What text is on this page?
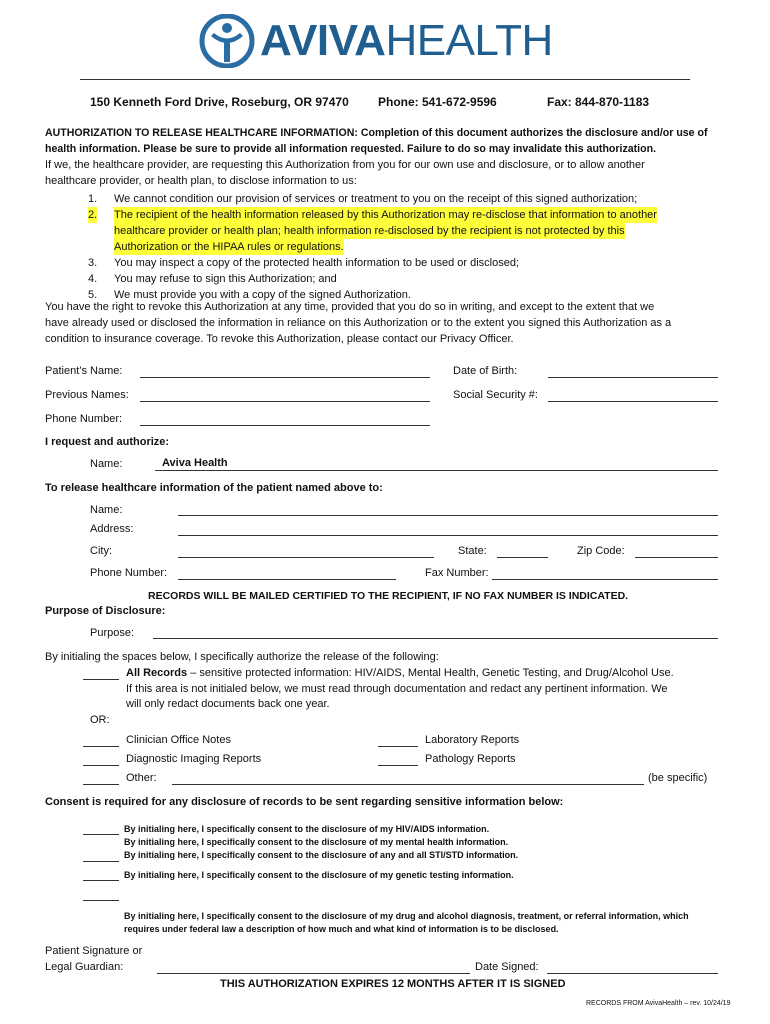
AVIVAHEALTH
150 Kenneth Ford Drive, Roseburg, OR 97470 Phone: 541-672-9596	Fax: 844-870-1183
AUTHORIZATION TO RELEASE HEALTHCARE INFORMATION: Completion of this document authorizes the disclosure and/or use of
health information. Please be sure to provide all information requested. Failure to do so may invalidate this authorization.
If we, the healthcare provider, are requesting this Authorization from you for our own use and disclosure, or to allow another
healthcare provider, or health plan, to disclose information to us:
1. We cannot condition our provision of services or treatment to you on the receipt of this signed authorization;
2. The recipient of the health information released by this Authorization may re-disclose that information to another
healthcare provider or health plan; health information re-disclosed by the recipient is not protected by this
Authorization or the HIPAA rules or regulations.
3. You may inspect a copy of the protected health information to be used or disclosed;
4. You may refuse to sign this Authorization; and
5. We must provide you with a copy of the signed Authorization.
You have the right to revoke this Authorization at any time, provided that you do so in writing, and except to the extent that we
have already used or disclosed the information in reliance on this Authorization or to the extent you signed this Authorization as a
condition to insurance coverage. To revoke this Authorization, please contact our Privacy Officer.
Patient’s Name:	Date of Birth:
Previous Names:	Social Security #:
Phone Number:
I request and authorize:
Name:	Aviva Health
To release healthcare information of the patient named above to:
Name:
Address:
City:	State:	Zip Code:
Phone Number:	Fax Number:
RECORDS WILL BE MAILED CERTIFIED TO THE RECIPIENT, IF NO FAX NUMBER IS INDICATED.
Purpose of Disclosure:
Purpose:
By initialing the spaces below, I specifically authorize the release of the following:
All Records – sensitive protected information: HIV/AIDS, Mental Health, Genetic Testing, and Drug/Alcohol Use.
If this area is not initialed below, we must read through documentation and redact any pertinent information. We
will only redact documents back one year.
OR:
Clinician Office Notes	Laboratory Reports
Diagnostic Imaging Reports	Pathology Reports
Other:	(be specific)
Consent is required for any disclosure of records to be sent regarding sensitive information below:
By initialing here, I specifically consent to the disclosure of my HIV/AIDS information.
By initialing here, I specifically consent to the disclosure of my mental health information.
By initialing here, I specifically consent to the disclosure of any and all STI/STD information.
By initialing here, I specifically consent to the disclosure of my genetic testing information.
By initialing here, I specifically consent to the disclosure of my drug and alcohol diagnosis, treatment, or referral information, which
requires under federal law a description of how much and what kind of information is to be disclosed.
Patient Signature or
Legal Guardian:	Date Signed:
THIS AUTHORIZATION EXPIRES 12 MONTHS AFTER IT IS SIGNED
RECORDS FROM AvivaHealth – rev. 10/24/19
